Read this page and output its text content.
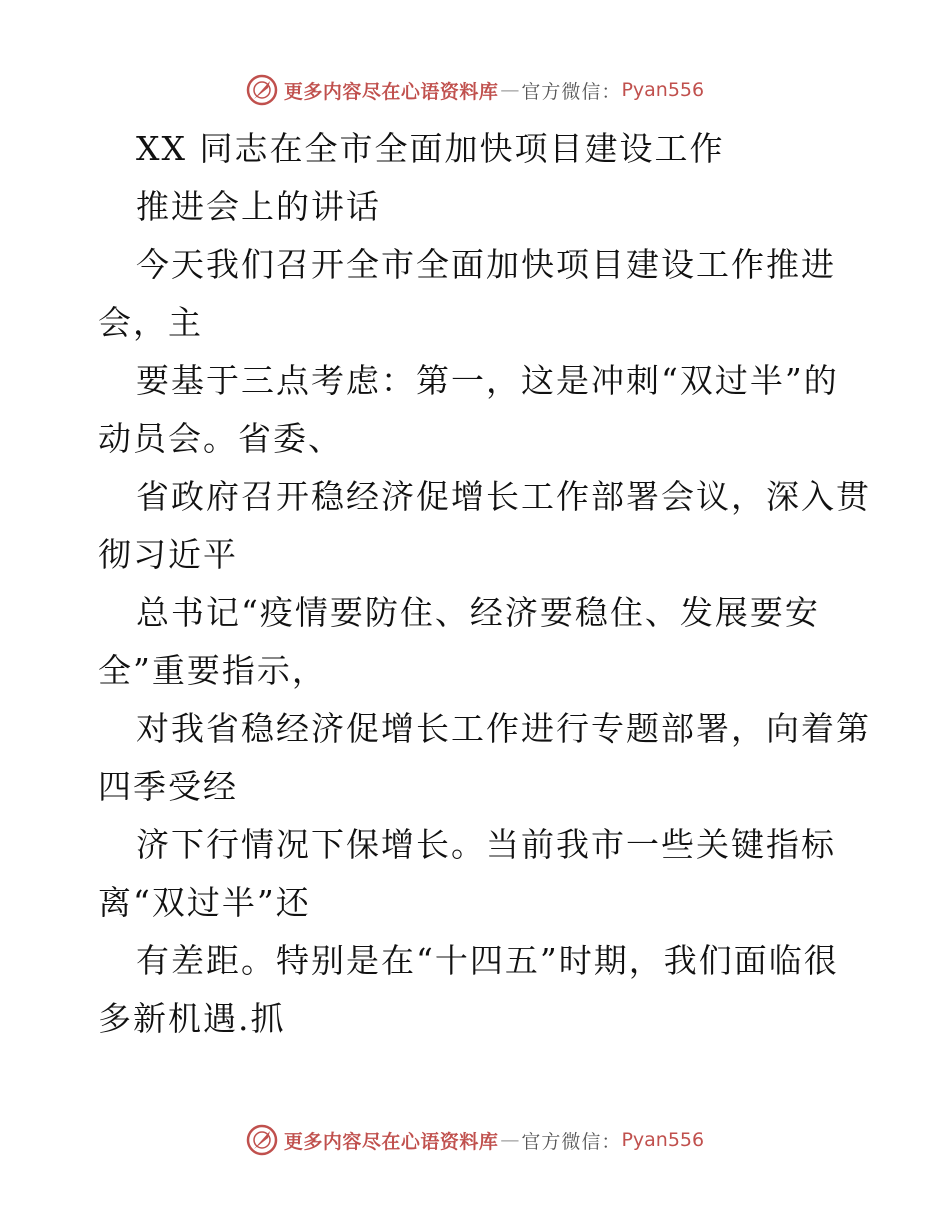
更多内容尽在心语资料库 — 官方微信： Pyan556
XX 同志在全市全面加快项目建设工作
推进会上的讲话
今天我们召开全市全面加快项目建设工作推进
会，主
要基于三点考虑：第一，这是冲刺“双过半”的
动员会。省委、
省政府召开稳经济促增长工作部署会议，深入贯
彻习近平
总书记“疫情要防住、经济要稳住、发展要安
全”重要指示，
对我省稳经济促增长工作进行专题部署，向着第
四季受经
济下行情况下保增长。当前我市一些关键指标
离“双过半”还
有差距。特别是在“十四五”时期，我们面临很
多新机遇.抓
更多内容尽在心语资料库 — 官方微信： Pyan556
